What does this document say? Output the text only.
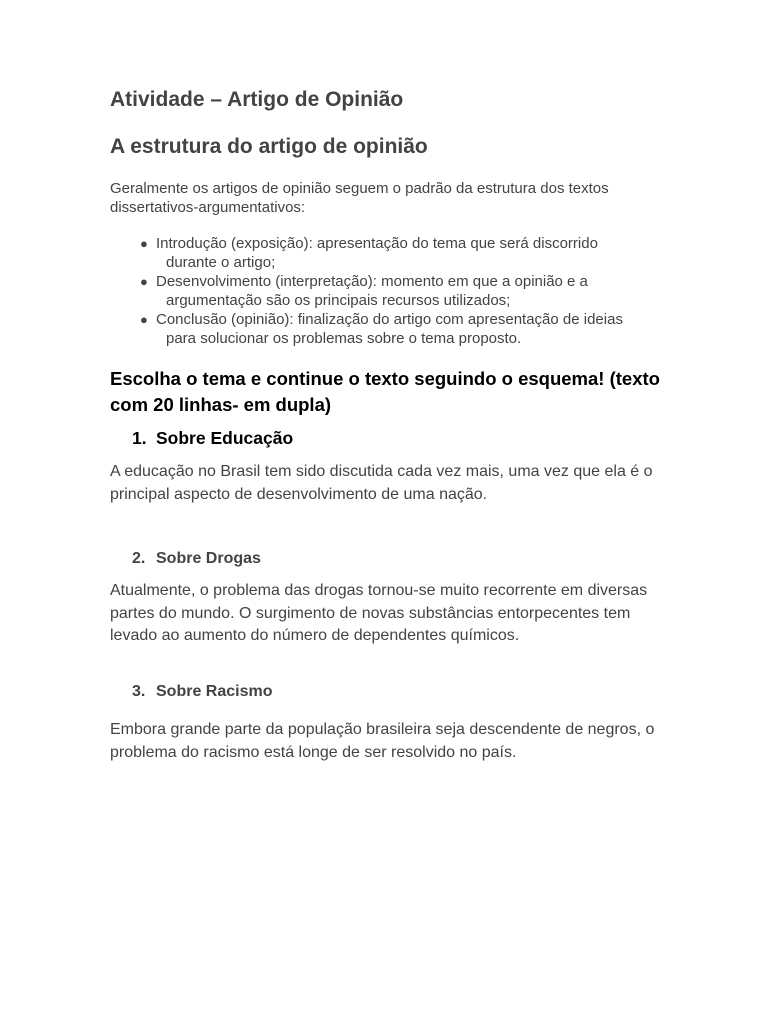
Atividade – Artigo de Opinião
A estrutura do artigo de opinião

Geralmente os artigos de opinião seguem o padrão da estrutura dos textos dissertativos-argumentativos:

● Introdução (exposição): apresentação do tema que será discorrido
durante o artigo;
● Desenvolvimento (interpretação): momento em que a opinião e a
argumentação são os principais recursos utilizados;
● Conclusão (opinião): finalização do artigo com apresentação de ideias
para solucionar os problemas sobre o tema proposto.

Escolha o tema e continue o texto seguindo o esquema! (texto com 20 linhas- em dupla)

1. Sobre Educação

A educação no Brasil tem sido discutida cada vez mais, uma vez que ela é o principal aspecto de desenvolvimento de uma nação.

2. Sobre Drogas

Atualmente, o problema das drogas tornou-se muito recorrente em diversas partes do mundo. O surgimento de novas substâncias entorpecentes tem levado ao aumento do número de dependentes químicos.

3. Sobre Racismo

Embora grande parte da população brasileira seja descendente de negros, o problema do racismo está longe de ser resolvido no país.
